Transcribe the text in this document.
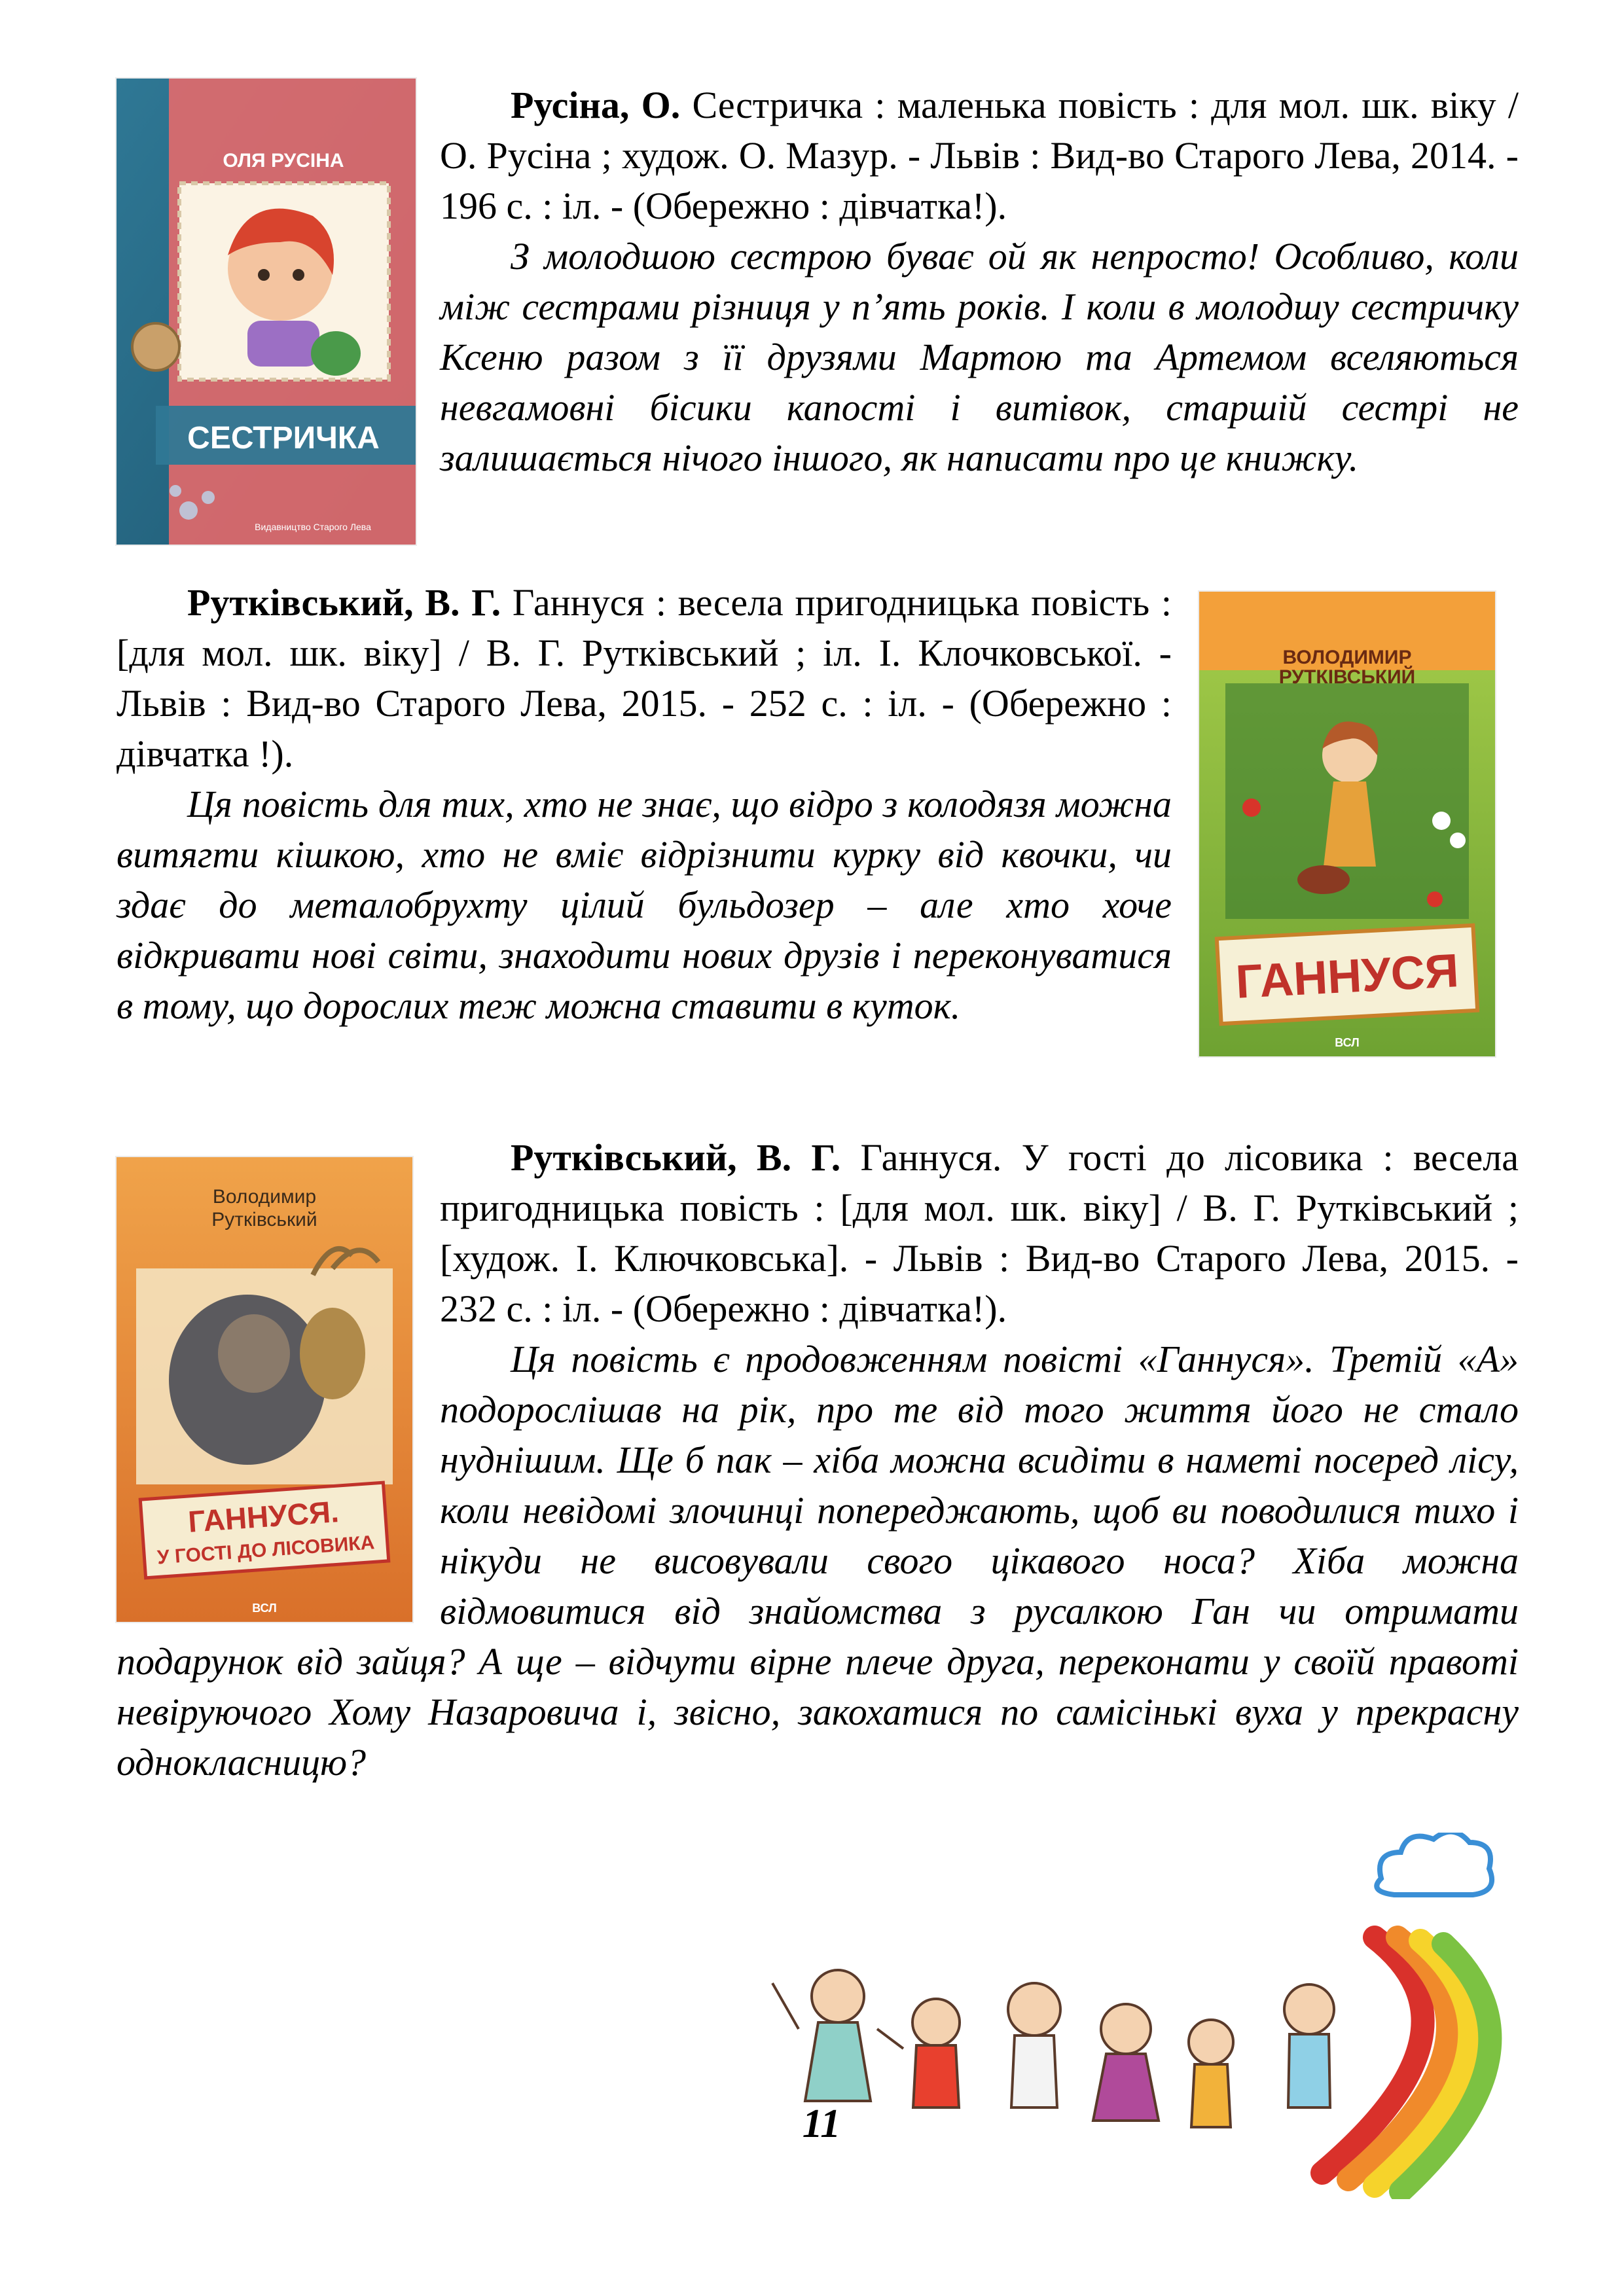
ОЛЯ РУСІНА
СЕСТРИЧКА
Видавництво Старого Лева

Русіна, О. Сестричка : маленька повість : для мол. шк. віку / О. Русіна ; худож. О. Мазур. - Львів : Вид-во Старого Лева, 2014. - 196 с. : іл. - (Обережно : дівчатка!).

З молодшою сестрою буває ой як непросто! Особливо, коли між сестрами різниця у п’ять років. І коли в молодшу сестричку Ксеню разом з її друзями Мартою та Артемом вселяються невгамовні бісики капості і витівок, старшій сестрі не залишається нічого іншого, як написати про це книжку.

Рутківський, В. Г. Ганнуся : весела пригодницька повість : [для мол. шк. віку] / В. Г. Рутківський ; іл. І. Клочковської. - Львів : Вид-во Старого Лева, 2015. - 252 с. : іл. - (Обережно : дівчатка !).

Ця повість для тих, хто не знає, що відро з колодязя можна витягти кішкою, хто не вміє відрізнити курку від квочки, чи здає до металобрухту цілий бульдозер – але хто хоче відкривати нові світи, знаходити нових друзів і переконуватися в тому, що дорослих теж можна ставити в куток.

ВОЛОДИМИР
РУТКІВСЬКИЙ
ГАННУСЯ
ВСЛ
Володимир
Рутківський
ГАННУСЯ.
У ГОСТІ ДО ЛІСОВИКА
ВСЛ

Рутківський, В. Г. Ганнуся. У гості до лісовика : весела пригодницька повість : [для мол. шк. віку] / В. Г. Рутківський ; [худож. І. Ключковська]. - Львів : Вид-во Старого Лева, 2015. - 232 с. : іл. - (Обережно : дівчатка!).

Ця повість є продовженням повісті «Ганнуся». Третій «А» подорослішав на рік, про те від того життя його не стало нуднішим. Ще б пак – хіба можна всидіти в наметі посеред лісу, коли невідомі злочинці попереджають, щоб ви поводилися тихо і нікуди не висовували свого цікавого носа? Хіба можна відмовитися від знайомства з русалкою Ган чи отримати подарунок від зайця? А ще – відчути вірне плече друга, переконати у своїй правоті невіруючого Хому Назаровича і, звісно, закохатися по самісінькі вуха у прекрасну однокласницю?

11
